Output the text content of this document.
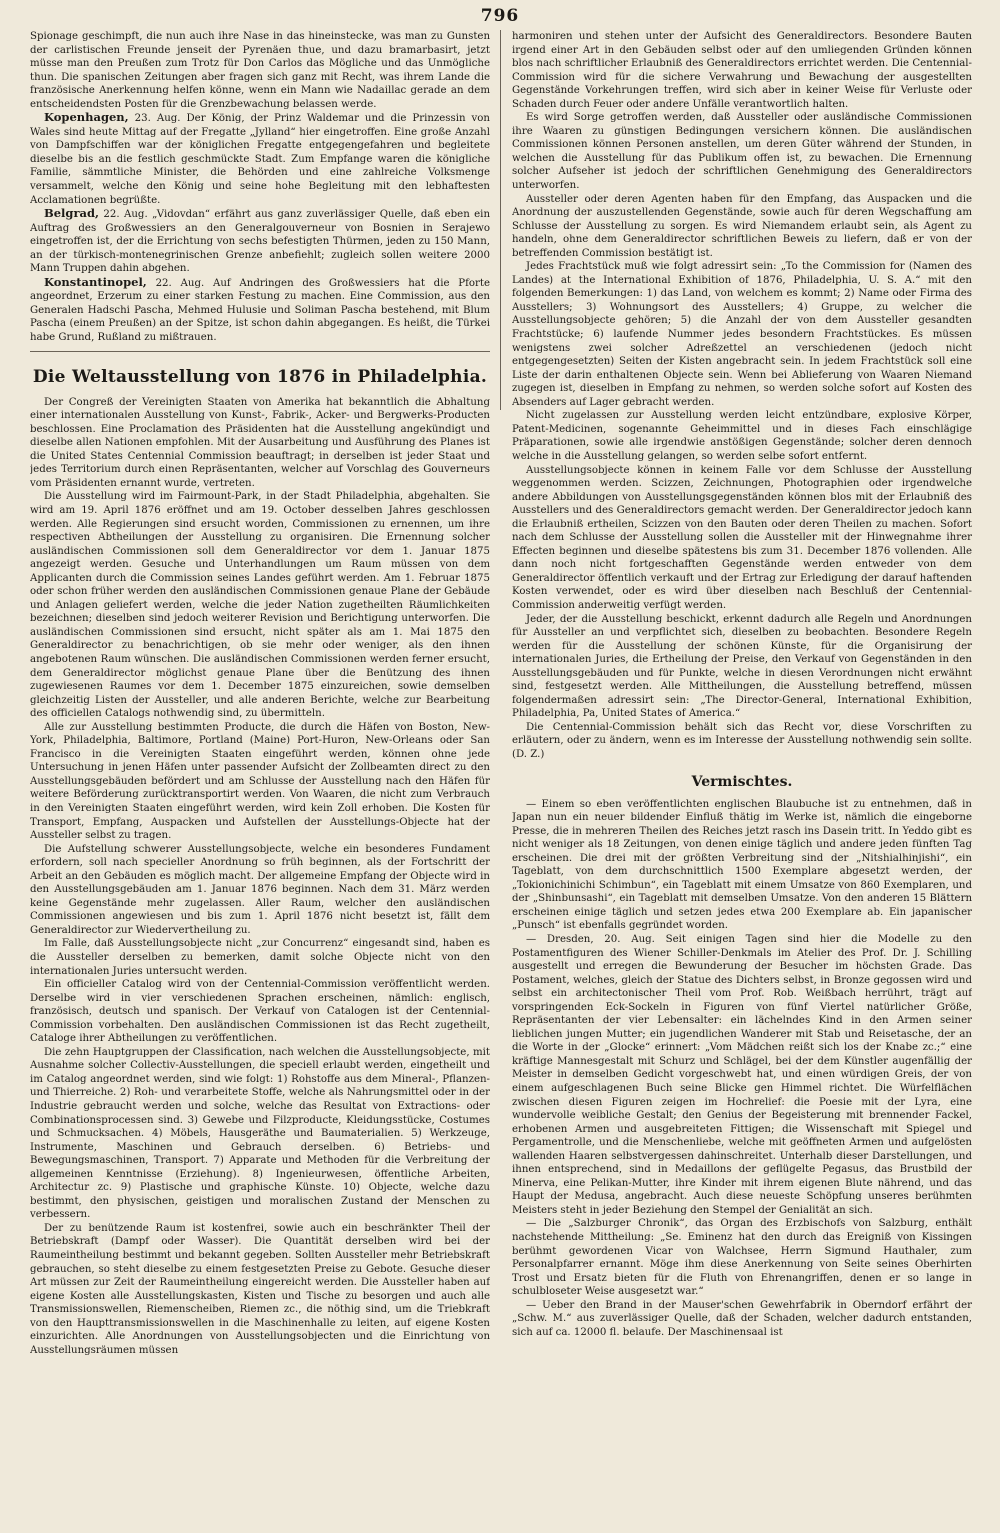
796

Spionage geschimpft, die nun auch ihre Nase in das hineinstecke, was man zu Gunsten der carlistischen Freunde jenseit der Pyrenäen thue, und dazu bramarbasirt, jetzt müsse man den Preußen zum Trotz für Don Carlos das Mögliche und das Unmögliche thun. Die spanischen Zeitungen aber fragen sich ganz mit Recht, was ihrem Lande die französische Anerkennung helfen könne, wenn ein Mann wie Nadaillac gerade an dem entscheidendsten Posten für die Grenzbewachung belassen werde.

Kopenhagen, 23. Aug. Der König, der Prinz Waldemar und die Prinzessin von Wales sind heute Mittag auf der Fregatte „Jylland“ hier eingetroffen. Eine große Anzahl von Dampfschiffen war der königlichen Fregatte entgegengefahren und begleitete dieselbe bis an die festlich geschmückte Stadt. Zum Empfange waren die königliche Familie, sämmtliche Minister, die Behörden und eine zahlreiche Volksmenge versammelt, welche den König und seine hohe Begleitung mit den lebhaftesten Acclamationen begrüßte.

Belgrad, 22. Aug. „Vidovdan“ erfährt aus ganz zuverlässiger Quelle, daß eben ein Auftrag des Großwessiers an den Generalgouverneur von Bosnien in Serajewo eingetroffen ist, der die Errichtung von sechs befestigten Thürmen, jeden zu 150 Mann, an der türkisch-montenegrinischen Grenze anbefiehlt; zugleich sollen weitere 2000 Mann Truppen dahin abgehen.

Konstantinopel, 22. Aug. Auf Andringen des Großwessiers hat die Pforte angeordnet, Erzerum zu einer starken Festung zu machen. Eine Commission, aus den Generalen Hadschi Pascha, Mehmed Hulusie und Soliman Pascha bestehend, mit Blum Pascha (einem Preußen) an der Spitze, ist schon dahin abgegangen. Es heißt, die Türkei habe Grund, Rußland zu mißtrauen.

Die Weltausstellung von 1876 in Philadelphia.

Der Congreß der Vereinigten Staaten von Amerika hat bekanntlich die Abhaltung einer internationalen Ausstellung von Kunst-, Fabrik-, Acker- und Bergwerks-Producten beschlossen. Eine Proclamation des Präsidenten hat die Ausstellung angekündigt und dieselbe allen Nationen empfohlen. Mit der Ausarbeitung und Ausführung des Planes ist die United States Centennial Commission beauftragt; in derselben ist jeder Staat und jedes Territorium durch einen Repräsentanten, welcher auf Vorschlag des Gouverneurs vom Präsidenten ernannt wurde, vertreten.

Die Ausstellung wird im Fairmount-Park, in der Stadt Philadelphia, abgehalten. Sie wird am 19. April 1876 eröffnet und am 19. October desselben Jahres geschlossen werden. Alle Regierungen sind ersucht worden, Commissionen zu ernennen, um ihre respectiven Abtheilungen der Ausstellung zu organisiren. Die Ernennung solcher ausländischen Commissionen soll dem Generaldirector vor dem 1. Januar 1875 angezeigt werden. Gesuche und Unterhandlungen um Raum müssen von dem Applicanten durch die Commission seines Landes geführt werden. Am 1. Februar 1875 oder schon früher werden den ausländischen Commissionen genaue Plane der Gebäude und Anlagen geliefert werden, welche die jeder Nation zugetheilten Räumlichkeiten bezeichnen; dieselben sind jedoch weiterer Revision und Berichtigung unterworfen. Die ausländischen Commissionen sind ersucht, nicht später als am 1. Mai 1875 den Generaldirector zu benachrichtigen, ob sie mehr oder weniger, als den ihnen angebotenen Raum wünschen. Die ausländischen Commissionen werden ferner ersucht, dem Generaldirector möglichst genaue Plane über die Benützung des ihnen zugewiesenen Raumes vor dem 1. December 1875 einzureichen, sowie demselben gleichzeitig Listen der Aussteller, und alle anderen Berichte, welche zur Bearbeitung des officiellen Catalogs nothwendig sind, zu übermitteln.

Alle zur Ausstellung bestimmten Producte, die durch die Häfen von Boston, New-York, Philadelphia, Baltimore, Portland (Maine) Port-Huron, New-Orleans oder San Francisco in die Vereinigten Staaten eingeführt werden, können ohne jede Untersuchung in jenen Häfen unter passender Aufsicht der Zollbeamten direct zu den Ausstellungsgebäuden befördert und am Schlusse der Ausstellung nach den Häfen für weitere Beförderung zurücktransportirt werden. Von Waaren, die nicht zum Verbrauch in den Vereinigten Staaten eingeführt werden, wird kein Zoll erhoben. Die Kosten für Transport, Empfang, Auspacken und Aufstellen der Ausstellungs-Objecte hat der Aussteller selbst zu tragen.

Die Aufstellung schwerer Ausstellungsobjecte, welche ein besonderes Fundament erfordern, soll nach specieller Anordnung so früh beginnen, als der Fortschritt der Arbeit an den Gebäuden es möglich macht. Der allgemeine Empfang der Objecte wird in den Ausstellungsgebäuden am 1. Januar 1876 beginnen. Nach dem 31. März werden keine Gegenstände mehr zugelassen. Aller Raum, welcher den ausländischen Commissionen angewiesen und bis zum 1. April 1876 nicht besetzt ist, fällt dem Generaldirector zur Wiedervertheilung zu.

Im Falle, daß Ausstellungsobjecte nicht „zur Concurrenz“ eingesandt sind, haben es die Aussteller derselben zu bemerken, damit solche Objecte nicht von den internationalen Juries untersucht werden.

Ein officieller Catalog wird von der Centennial-Commission veröffentlicht werden. Derselbe wird in vier verschiedenen Sprachen erscheinen, nämlich: englisch, französisch, deutsch und spanisch. Der Verkauf von Catalogen ist der Centennial-Commission vorbehalten. Den ausländischen Commissionen ist das Recht zugetheilt, Cataloge ihrer Abtheilungen zu veröffentlichen.

Die zehn Hauptgruppen der Classification, nach welchen die Ausstellungsobjecte, mit Ausnahme solcher Collectiv-Ausstellungen, die speciell erlaubt werden, eingetheilt und im Catalog angeordnet werden, sind wie folgt: 1) Rohstoffe aus dem Mineral-, Pflanzen- und Thierreiche. 2) Roh- und verarbeitete Stoffe, welche als Nahrungsmittel oder in der Industrie gebraucht werden und solche, welche das Resultat von Extractions- oder Combinationsprocessen sind. 3) Gewebe und Filzproducte, Kleidungsstücke, Costumes und Schmucksachen. 4) Möbels, Hausgeräthe und Baumaterialien. 5) Werkzeuge, Instrumente, Maschinen und Gebrauch derselben. 6) Betriebs- und Bewegungsmaschinen, Transport. 7) Apparate und Methoden für die Verbreitung der allgemeinen Kenntnisse (Erziehung). 8) Ingenieurwesen, öffentliche Arbeiten, Architectur zc. 9) Plastische und graphische Künste. 10) Objecte, welche dazu bestimmt, den physischen, geistigen und moralischen Zustand der Menschen zu verbessern.

Der zu benützende Raum ist kostenfrei, sowie auch ein beschränkter Theil der Betriebskraft (Dampf oder Wasser). Die Quantität derselben wird bei der Raumeintheilung bestimmt und bekannt gegeben. Sollten Aussteller mehr Betriebskraft gebrauchen, so steht dieselbe zu einem festgesetzten Preise zu Gebote. Gesuche dieser Art müssen zur Zeit der Raumeintheilung eingereicht werden. Die Aussteller haben auf eigene Kosten alle Ausstellungskasten, Kisten und Tische zu besorgen und auch alle Transmissionswellen, Riemenscheiben, Riemen zc., die nöthig sind, um die Triebkraft von den Haupttransmissionswellen in die Maschinenhalle zu leiten, auf eigene Kosten einzurichten. Alle Anordnungen von Ausstellungsobjecten und die Einrichtung von Ausstellungsräumen müssen

harmoniren und stehen unter der Aufsicht des Generaldirectors. Besondere Bauten irgend einer Art in den Gebäuden selbst oder auf den umliegenden Gründen können blos nach schriftlicher Erlaubniß des Generaldirectors errichtet werden. Die Centennial-Commission wird für die sichere Verwahrung und Bewachung der ausgestellten Gegenstände Vorkehrungen treffen, wird sich aber in keiner Weise für Verluste oder Schaden durch Feuer oder andere Unfälle verantwortlich halten.

Es wird Sorge getroffen werden, daß Aussteller oder ausländische Commissionen ihre Waaren zu günstigen Bedingungen versichern können. Die ausländischen Commissionen können Personen anstellen, um deren Güter während der Stunden, in welchen die Ausstellung für das Publikum offen ist, zu bewachen. Die Ernennung solcher Aufseher ist jedoch der schriftlichen Genehmigung des Generaldirectors unterworfen.

Aussteller oder deren Agenten haben für den Empfang, das Auspacken und die Anordnung der auszustellenden Gegenstände, sowie auch für deren Wegschaffung am Schlusse der Ausstellung zu sorgen. Es wird Niemandem erlaubt sein, als Agent zu handeln, ohne dem Generaldirector schriftlichen Beweis zu liefern, daß er von der betreffenden Commission bestätigt ist.

Jedes Frachtstück muß wie folgt adressirt sein: „To the Commission for (Namen des Landes) at the International Exhibition of 1876, Philadelphia, U. S. A.“ mit den folgenden Bemerkungen: 1) das Land, von welchem es kommt; 2) Name oder Firma des Ausstellers; 3) Wohnungsort des Ausstellers; 4) Gruppe, zu welcher die Ausstellungsobjecte gehören; 5) die Anzahl der von dem Aussteller gesandten Frachtstücke; 6) laufende Nummer jedes besondern Frachtstückes. Es müssen wenigstens zwei solcher Adreßzettel an verschiedenen (jedoch nicht entgegengesetzten) Seiten der Kisten angebracht sein. In jedem Frachtstück soll eine Liste der darin enthaltenen Objecte sein. Wenn bei Ablieferung von Waaren Niemand zugegen ist, dieselben in Empfang zu nehmen, so werden solche sofort auf Kosten des Absenders auf Lager gebracht werden.

Nicht zugelassen zur Ausstellung werden leicht entzündbare, explosive Körper, Patent-Medicinen, sogenannte Geheimmittel und in dieses Fach einschlägige Präparationen, sowie alle irgendwie anstößigen Gegenstände; solcher deren dennoch welche in die Ausstellung gelangen, so werden selbe sofort entfernt.

Ausstellungsobjecte können in keinem Falle vor dem Schlusse der Ausstellung weggenommen werden. Scizzen, Zeichnungen, Photographien oder irgendwelche andere Abbildungen von Ausstellungsgegenständen können blos mit der Erlaubniß des Ausstellers und des Generaldirectors gemacht werden. Der Generaldirector jedoch kann die Erlaubniß ertheilen, Scizzen von den Bauten oder deren Theilen zu machen. Sofort nach dem Schlusse der Ausstellung sollen die Aussteller mit der Hinwegnahme ihrer Effecten beginnen und dieselbe spätestens bis zum 31. December 1876 vollenden. Alle dann noch nicht fortgeschafften Gegenstände werden entweder von dem Generaldirector öffentlich verkauft und der Ertrag zur Erledigung der darauf haftenden Kosten verwendet, oder es wird über dieselben nach Beschluß der Centennial-Commission anderweitig verfügt werden.

Jeder, der die Ausstellung beschickt, erkennt dadurch alle Regeln und Anordnungen für Aussteller an und verpflichtet sich, dieselben zu beobachten. Besondere Regeln werden für die Ausstellung der schönen Künste, für die Organisirung der internationalen Juries, die Ertheilung der Preise, den Verkauf von Gegenständen in den Ausstellungsgebäuden und für Punkte, welche in diesen Verordnungen nicht erwähnt sind, festgesetzt werden. Alle Mittheilungen, die Ausstellung betreffend, müssen folgendermaßen adressirt sein: „The Director-General, International Exhibition, Philadelphia, Pa, United States of America.“

Die Centennial-Commission behält sich das Recht vor, diese Vorschriften zu erläutern, oder zu ändern, wenn es im Interesse der Ausstellung nothwendig sein sollte. (D. Z.)

Vermischtes.

— Einem so eben veröffentlichten englischen Blaubuche ist zu entnehmen, daß in Japan nun ein neuer bildender Einfluß thätig im Werke ist, nämlich die eingeborne Presse, die in mehreren Theilen des Reiches jetzt rasch ins Dasein tritt. In Yeddo gibt es nicht weniger als 18 Zeitungen, von denen einige täglich und andere jeden fünften Tag erscheinen. Die drei mit der größten Verbreitung sind der „Nitshialhinjishi“, ein Tageblatt, von dem durchschnittlich 1500 Exemplare abgesetzt werden, der „Tokionichinichi Schimbun“, ein Tageblatt mit einem Umsatze von 860 Exemplaren, und der „Shinbunsashi“, ein Tageblatt mit demselben Umsatze. Von den anderen 15 Blättern erscheinen einige täglich und setzen jedes etwa 200 Exemplare ab. Ein japanischer „Punsch“ ist ebenfalls gegründet worden.

— Dresden, 20. Aug. Seit einigen Tagen sind hier die Modelle zu den Postamentfiguren des Wiener Schiller-Denkmals im Atelier des Prof. Dr. J. Schilling ausgestellt und erregen die Bewunderung der Besucher im höchsten Grade. Das Postament, welches, gleich der Statue des Dichters selbst, in Bronze gegossen wird und selbst ein architectonischer Theil vom Prof. Rob. Weißbach herrührt, trägt auf vorspringenden Eck-Sockeln in Figuren von fünf Viertel natürlicher Größe, Repräsentanten der vier Lebensalter: ein lächelndes Kind in den Armen seiner lieblichen jungen Mutter; ein jugendlichen Wanderer mit Stab und Reisetasche, der an die Worte in der „Glocke“ erinnert: „Vom Mädchen reißt sich los der Knabe zc.;“ eine kräftige Mannesgestalt mit Schurz und Schlägel, bei der dem Künstler augenfällig der Meister in demselben Gedicht vorgeschwebt hat, und einen würdigen Greis, der von einem aufgeschlagenen Buch seine Blicke gen Himmel richtet. Die Würfelflächen zwischen diesen Figuren zeigen im Hochrelief: die Poesie mit der Lyra, eine wundervolle weibliche Gestalt; den Genius der Begeisterung mit brennender Fackel, erhobenen Armen und ausgebreiteten Fittigen; die Wissenschaft mit Spiegel und Pergamentrolle, und die Menschenliebe, welche mit geöffneten Armen und aufgelösten wallenden Haaren selbstvergessen dahinschreitet. Unterhalb dieser Darstellungen, und ihnen entsprechend, sind in Medaillons der geflügelte Pegasus, das Brustbild der Minerva, eine Pelikan-Mutter, ihre Kinder mit ihrem eigenen Blute nährend, und das Haupt der Medusa, angebracht. Auch diese neueste Schöpfung unseres berühmten Meisters steht in jeder Beziehung den Stempel der Genialität an sich.

— Die „Salzburger Chronik“, das Organ des Erzbischofs von Salzburg, enthält nachstehende Mittheilung: „Se. Eminenz hat den durch das Ereigniß von Kissingen berühmt gewordenen Vicar von Walchsee, Herrn Sigmund Hauthaler, zum Personalpfarrer ernannt. Möge ihm diese Anerkennung von Seite seines Oberhirten Trost und Ersatz bieten für die Fluth von Ehrenangriffen, denen er so lange in schulbloseter Weise ausgesetzt war.“

— Ueber den Brand in der Mauser'schen Gewehrfabrik in Oberndorf erfährt der „Schw. M.“ aus zuverlässiger Quelle, daß der Schaden, welcher dadurch entstanden, sich auf ca. 12000 fl. belaufe. Der Maschinensaal ist
